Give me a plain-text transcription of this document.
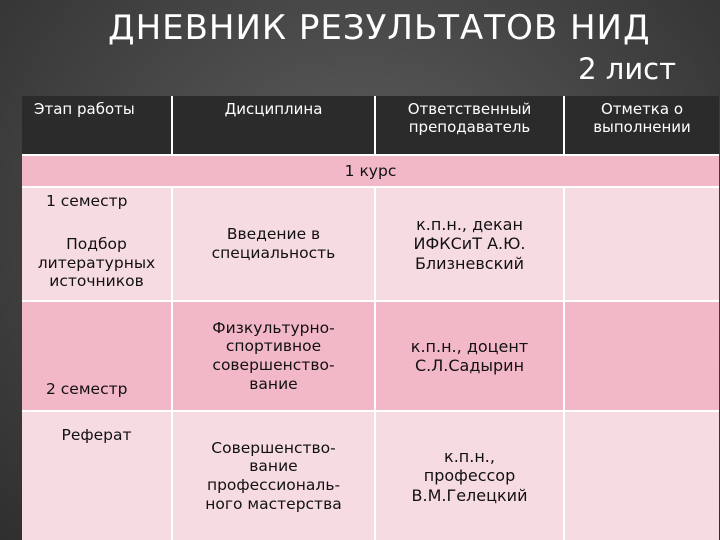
ДНЕВНИК РЕЗУЛЬТАТОВ НИД
2 лист
Этап работы	Дисциплина	Ответственный преподаватель
Отметка о выполнении
1 курс
1 семестр
Подбор литературных источников
Введение в специальность
к.п.н., декан ИФКСиТ А.Ю. Близневский
2 семестр
Физкультурно-спортивное совершенство-вание
к.п.н., доцент С.Л.Садырин
Реферат
Совершенство-вание профессиональ-ного мастерства
к.п.н., профессор В.М.Гелецкий
